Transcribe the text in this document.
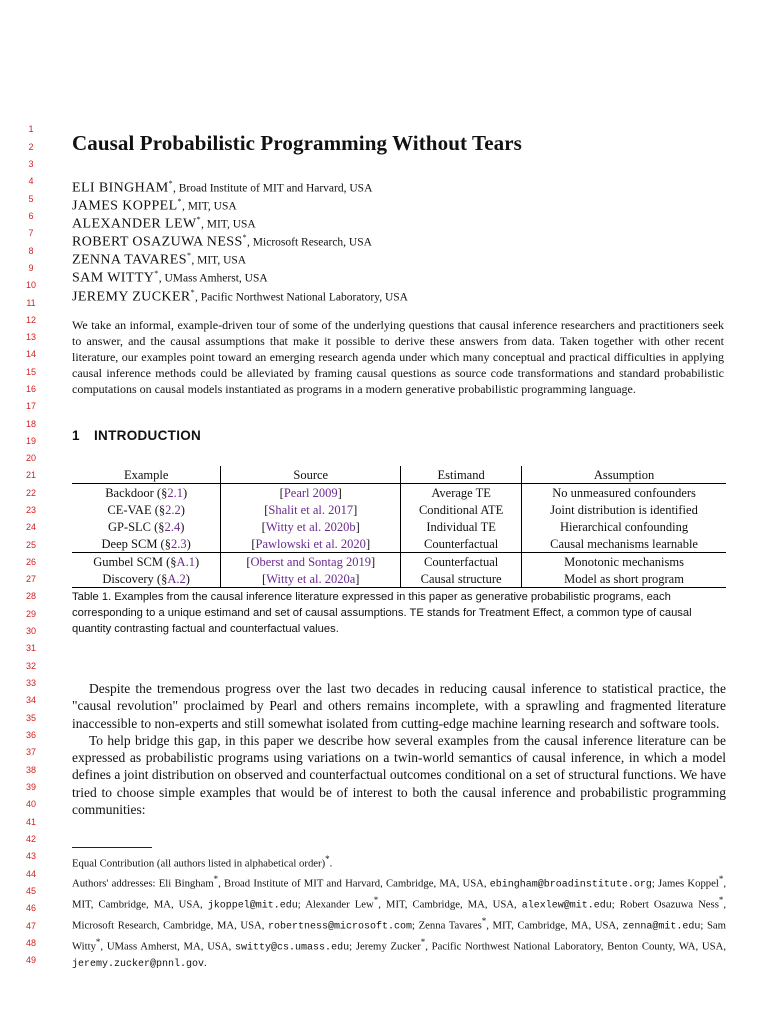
1
2
3
4
5
6
7
8
9
10
11
12
13
14
15
16
17
18
19
20
21
22
23
24
25
26
27
28
29
30
31
32
33
34
35
36
37
38
39
40
41
42
43
44
45
46
47
48
49
Causal Probabilistic Programming Without Tears
ELI BINGHAM*, Broad Institute of MIT and Harvard, USA
JAMES KOPPEL*, MIT, USA
ALEXANDER LEW*, MIT, USA
ROBERT OSAZUWA NESS*, Microsoft Research, USA
ZENNA TAVARES*, MIT, USA
SAM WITTY*, UMass Amherst, USA
JEREMY ZUCKER*, Pacific Northwest National Laboratory, USA
We take an informal, example-driven tour of some of the underlying questions that causal inference researchers and practitioners seek to answer, and the causal assumptions that make it possible to derive these answers from data. Taken together with other recent literature, our examples point toward an emerging research agenda under which many conceptual and practical difficulties in applying causal inference methods could be alleviated by framing causal questions as source code transformations and standard probabilistic computations on causal models instantiated as programs in a modern generative probabilistic programming language.
1 INTRODUCTION
Example	Source	Estimand	Assumption
Backdoor (§2.1)	[Pearl 2009]	Average TE	No unmeasured confounders
CE-VAE (§2.2)	[Shalit et al. 2017]	Conditional ATE	Joint distribution is identified
GP-SLC (§2.4)	[Witty et al. 2020b]	Individual TE	Hierarchical confounding
Deep SCM (§2.3)	[Pawlowski et al. 2020]	Counterfactual	Causal mechanisms learnable
Gumbel SCM (§A.1)	[Oberst and Sontag 2019]	Counterfactual	Monotonic mechanisms
Discovery (§A.2)	[Witty et al. 2020a]	Causal structure	Model as short program
Table 1. Examples from the causal inference literature expressed in this paper as generative probabilistic programs, each corresponding to a unique estimand and set of causal assumptions. TE stands for Treatment Effect, a common type of causal quantity contrasting factual and counterfactual values.

Despite the tremendous progress over the last two decades in reducing causal inference to statistical practice, the "causal revolution" proclaimed by Pearl and others remains incomplete, with a sprawling and fragmented literature inaccessible to non-experts and still somewhat isolated from cutting-edge machine learning research and software tools.

To help bridge this gap, in this paper we describe how several examples from the causal inference literature can be expressed as probabilistic programs using variations on a twin-world semantics of causal inference, in which a model defines a joint distribution on observed and counterfactual outcomes conditional on a set of structural functions. We have tried to choose simple examples that would be of interest to both the causal inference and probabilistic programming communities:

Equal Contribution (all authors listed in alphabetical order)*.
Authors' addresses: Eli Bingham*, Broad Institute of MIT and Harvard, Cambridge, MA, USA, ebingham@broadinstitute.org; James Koppel*, MIT, Cambridge, MA, USA, jkoppel@mit.edu; Alexander Lew*, MIT, Cambridge, MA, USA, alexlew@mit.edu; Robert Osazuwa Ness*, Microsoft Research, Cambridge, MA, USA, robertness@microsoft.com; Zenna Tavares*, MIT, Cambridge, MA, USA, zenna@mit.edu; Sam Witty*, UMass Amherst, MA, USA, switty@cs.umass.edu; Jeremy Zucker*, Pacific Northwest National Laboratory, Benton County, WA, USA, jeremy.zucker@pnnl.gov.
